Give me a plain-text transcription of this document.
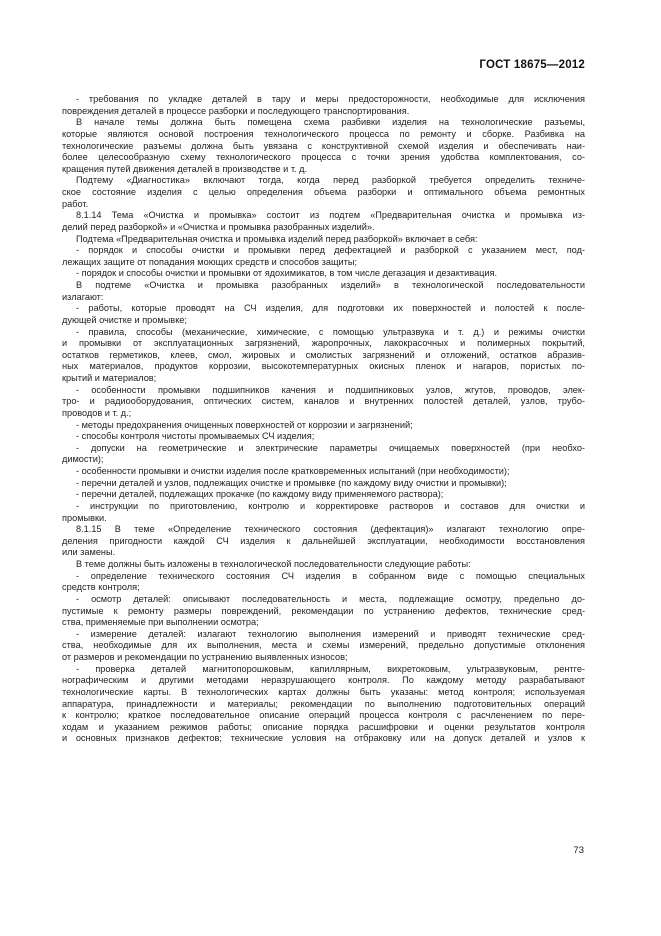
ГОСТ 18675—2012
- требования по укладке деталей в тару и меры предосторожности, необходимые для исключения
повреждения деталей в процессе разборки и последующего транспортирования.
В начале темы должна быть помещена схема разбивки изделия на технологические разъемы,
которые являются основой построения технологического процесса по ремонту и сборке. Разбивка на
технологические разъемы должна быть увязана с конструктивной схемой изделия и обеспечивать наи-
более целесообразную схему технологического процесса с точки зрения удобства комплектования, со-
кращения путей движения деталей в производстве и т. д.
Подтему «Диагностика» включают тогда, когда перед разборкой требуется определить техниче-
ское состояние изделия с целью определения объема разборки и оптимального объема ремонтных
работ.
8.1.14 Тема «Очистка и промывка» состоит из подтем «Предварительная очистка и промывка из-
делий перед разборкой» и «Очистка и промывка разобранных изделий».
Подтема «Предварительная очистка и промывка изделий перед разборкой» включает в себя:
- порядок и способы очистки и промывки перед дефектацией и разборкой с указанием мест, под-
лежащих защите от попадания моющих средств и способов защиты;
- порядок и способы очистки и промывки от ядохимикатов, в том числе дегазация и дезактивация.
В подтеме «Очистка и промывка разобранных изделий» в технологической последовательности
излагают:
- работы, которые проводят на СЧ изделия, для подготовки их поверхностей и полостей к после-
дующей очистке и промывке;
- правила, способы (механические, химические, с помощью ультразвука и т. д.) и режимы очистки
и промывки от эксплуатационных загрязнений, жаропрочных, лакокрасочных и полимерных покрытий,
остатков герметиков, клеев, смол, жировых и смолистых загрязнений и отложений, остатков абразив-
ных материалов, продуктов коррозии, высокотемпературных окисных пленок и нагаров, пористых по-
крытий и материалов;
- особенности промывки подшипников качения и подшипниковых узлов, жгутов, проводов, элек-
тро- и радиооборудования, оптических систем, каналов и внутренних полостей деталей, узлов, трубо-
проводов и т. д.;
- методы предохранения очищенных поверхностей от коррозии и загрязнений;
- способы контроля чистоты промываемых СЧ изделия;
- допуски на геометрические и электрические параметры очищаемых поверхностей (при необхо-
димости);
- особенности промывки и очистки изделия после кратковременных испытаний (при необходимости);
- перечни деталей и узлов, подлежащих очистке и промывке (по каждому виду очистки и промывки);
- перечни деталей, подлежащих прокачке (по каждому виду применяемого раствора);
- инструкции по приготовлению, контролю и корректировке растворов и составов для очистки и
промывки.
8.1.15 В теме «Определение технического состояния (дефектация)» излагают технологию опре-
деления пригодности каждой СЧ изделия к дальнейшей эксплуатации, необходимости восстановления
или замены.
В теме должны быть изложены в технологической последовательности следующие работы:
- определение технического состояния СЧ изделия в собранном виде с помощью специальных
средств контроля;
- осмотр деталей: описывают последовательность и места, подлежащие осмотру, предельно до-
пустимые к ремонту размеры повреждений, рекомендации по устранению дефектов, технические сред-
ства, применяемые при выполнении осмотра;
- измерение деталей: излагают технологию выполнения измерений и приводят технические сред-
ства, необходимые для их выполнения, места и схемы измерений, предельно допустимые отклонения
от размеров и рекомендации по устранению выявленных износов;
- проверка деталей магнитопорошковым, капиллярным, вихретоковым, ультразвуковым, рентге-
нографическим и другими методами неразрушающего контроля. По каждому методу разрабатывают
технологические карты. В технологических картах должны быть указаны: метод контроля; используемая
аппаратура, принадлежности и материалы; рекомендации по выполнению подготовительных операций
к контролю; краткое последовательное описание операций процесса контроля с расчленением по пере-
ходам и указанием режимов работы; описание порядка расшифровки и оценки результатов контроля
и основных признаков дефектов; технические условия на отбраковку или на допуск деталей и узлов к
73
